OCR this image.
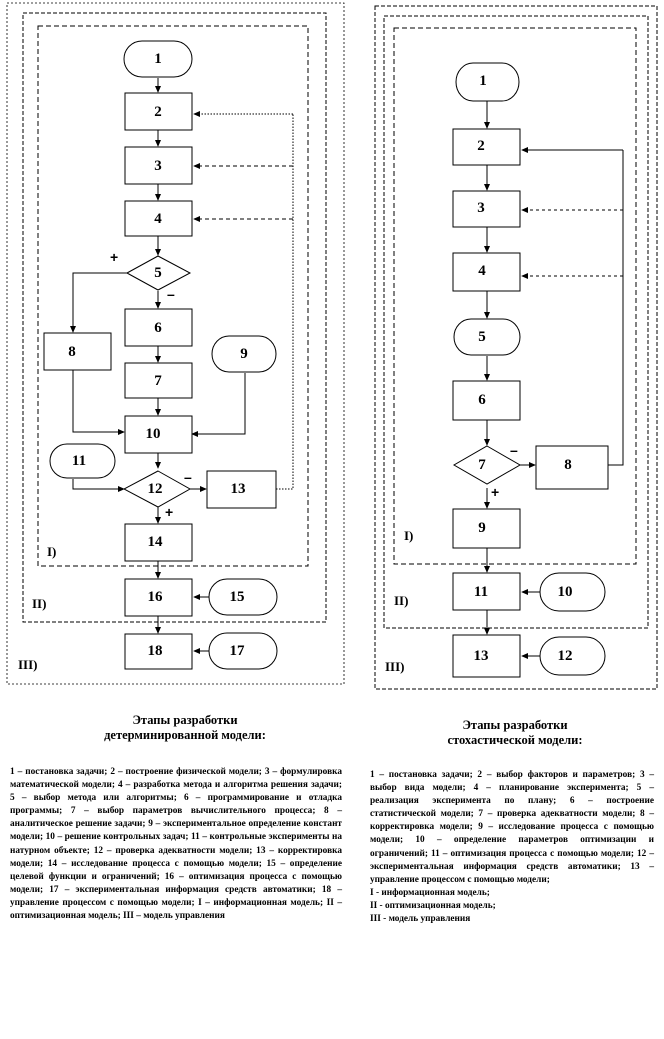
1
2
3
4
5
6
7
8	9
10
11
12	13
14
15
16
17
18
+
–
–
+
I)
II)
III)
1
2
3
4
5
6
7	8
9
10
11
12
13
–
+
I)
II)
III)
Этапы разработки
детерминированной модели:
Этапы разработки
стохастической модели:
1 – постановка задачи; 2 – построение физической модели; 3 – формулировка математической модели; 4 – разработка метода и алгоритма решения задачи; 5 – выбор метода или алгоритмы; 6 – программирование и отладка программы; 7 – выбор параметров вычислительного процесса; 8 –аналитическое решение задачи; 9 – экспериментальное определение констант модели; 10 – решение контрольных задач; 11 – контрольные эксперименты на натурном объекте; 12 – проверка адекватности модели; 13 – корректировка модели; 14 – исследование процесса с помощью модели; 15 – определение целевой функции и ограничений; 16 – оптимизация процесса с помощью модели; 17 – экспериментальная информация средств автоматики; 18 – управление процессом с помощью модели; I – информационная модель; II – оптимизационная модель; III – модель управления
1 – постановка задачи; 2 – выбор факторов и параметров; 3 – выбор вида модели; 4 – планирование эксперимента; 5 – реализация эксперимента по плану; 6 – построение статистической модели; 7 – проверка адекватности модели; 8 – корректировка модели; 9 – исследование процесса с помощью модели; 10 – определение параметров оптимизации и ограничений; 11 – оптимизация процесса с помощью модели; 12 – экспериментальная информация средств автоматики; 13 – управление процессом с помощью модели;
I - информационная модель;
II - оптимизационная модель;
III - модель управления
